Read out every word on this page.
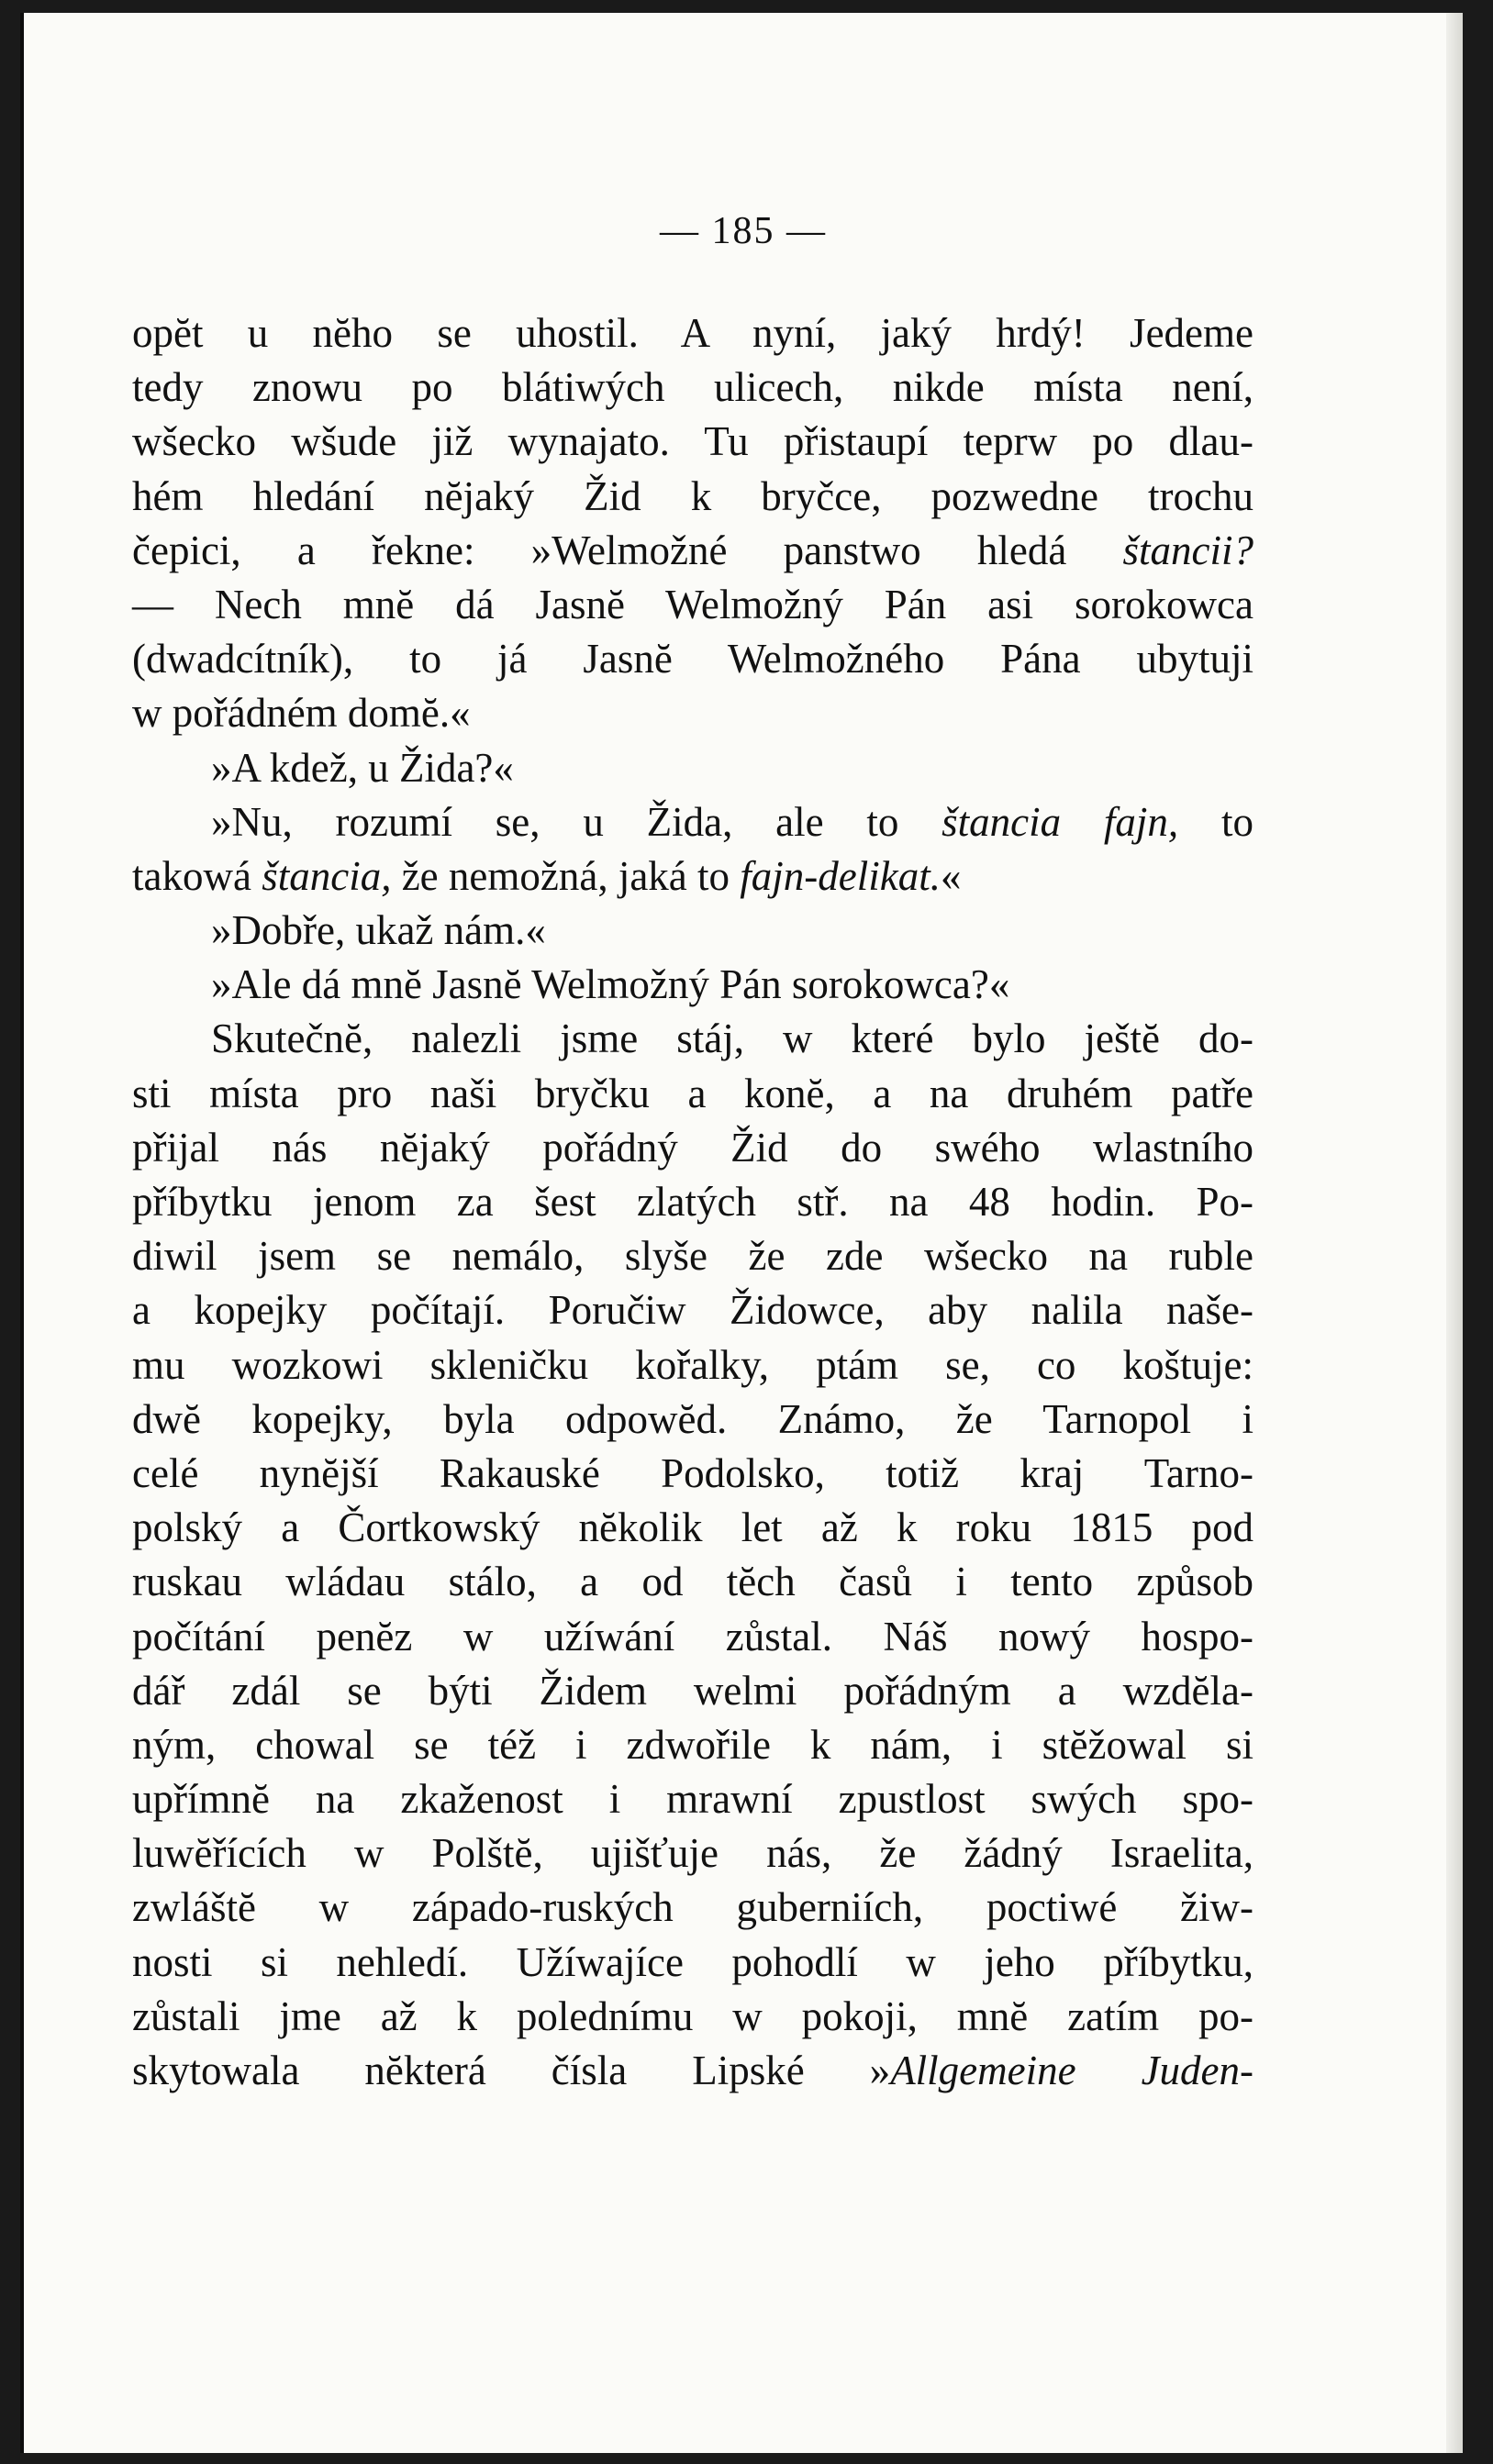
— 185 —
opĕt u nĕho se uhostil. A nyní, jaký hrdý! Jedeme
tedy znowu po blátiwých ulicech, nikde místa není,
wšecko wšude již wynajato. Tu přistaupí teprw po dlau-
hém hledání nĕjaký Žid k bryčce, pozwedne trochu
čepici, a řekne: »Welmožné panstwo hledá štancii?
— Nech mnĕ dá Jasnĕ Welmožný Pán asi sorokowca
(dwadcítník), to já Jasnĕ Welmožného Pána ubytuji
w pořádném domĕ.«
»A kdež, u Žida?«
»Nu, rozumí se, u Žida, ale to štancia fajn, to
takowá štancia, že nemožná, jaká to fajn-delikat.«
»Dobře, ukaž nám.«
»Ale dá mnĕ Jasnĕ Welmožný Pán sorokowca?«
Skutečnĕ, nalezli jsme stáj, w které bylo ještĕ do-
sti místa pro naši bryčku a konĕ, a na druhém patře
přijal nás nĕjaký pořádný Žid do swého wlastního
příbytku jenom za šest zlatých stř. na 48 hodin. Po-
diwil jsem se nemálo, slyše že zde wšecko na ruble
a kopejky počítají. Poručiw Židowce, aby nalila naše-
mu wozkowi skleničku kořalky, ptám se, co koštuje:
dwĕ kopejky, byla odpowĕd. Známo, že Tarnopol i
celé nynĕjší Rakauské Podolsko, totiž kraj Tarno-
polský a Čortkowský nĕkolik let až k roku 1815 pod
ruskau wládau stálo, a od tĕch časů i tento způsob
počítání penĕz w užíwání zůstal. Náš nowý hospo-
dář zdál se býti Židem welmi pořádným a wzdĕla-
ným, chowal se též i zdwořile k nám, i stĕžowal si
upřímnĕ na zkaženost i mrawní zpustlost swých spo-
luwĕřících w Polštĕ, ujišťuje nás, že žádný Israelita,
zwláštĕ w západo-ruských guberniích, poctiwé žiw-
nosti si nehledí. Užíwajíce pohodlí w jeho příbytku,
zůstali jme až k polednímu w pokoji, mnĕ zatím po-
skytowala nĕkterá čísla Lipské »Allgemeine Juden-
